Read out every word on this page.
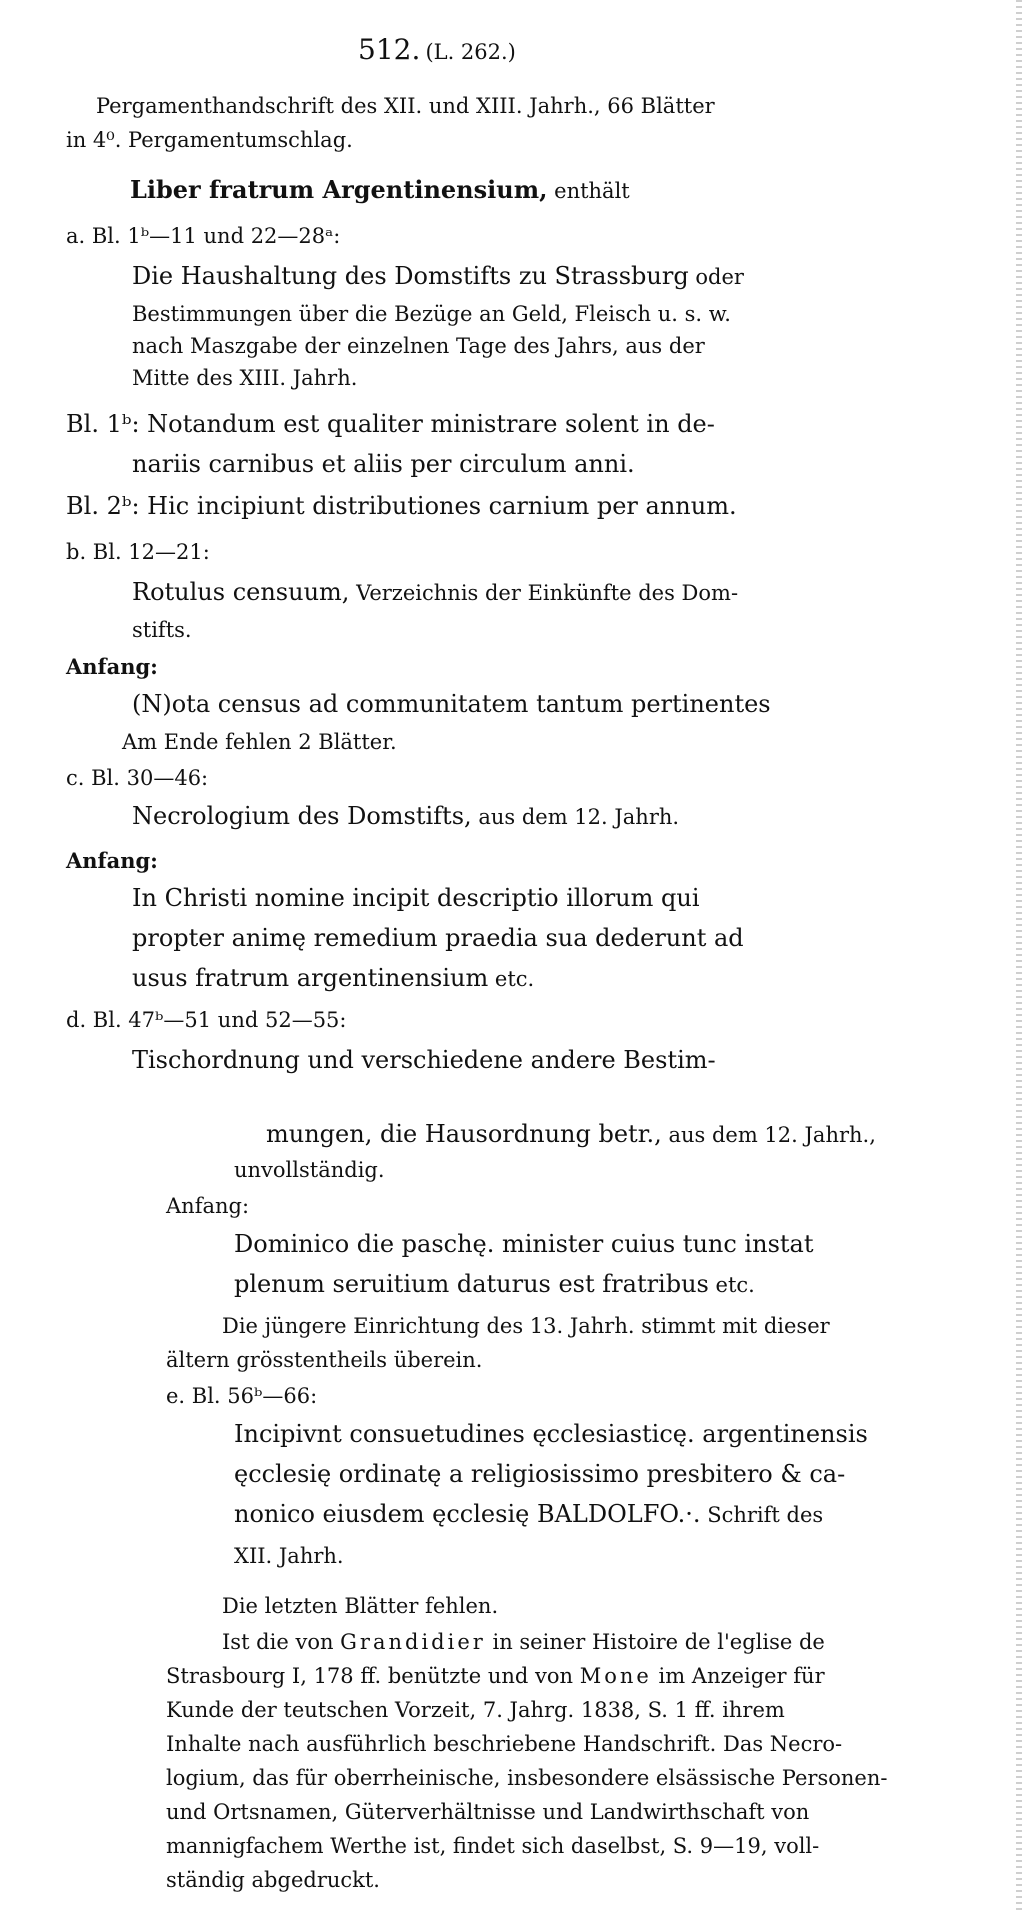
512. (L. 262.)
Pergamenthandschrift des XII. und XIII. Jahrh., 66 Blätter
in 4⁰. Pergamentumschlag.
Liber fratrum Argentinensium, enthält
a. Bl. 1ᵇ—11 und 22—28ᵃ:
Die Haushaltung des Domstifts zu Strassburg oder
Bestimmungen über die Bezüge an Geld, Fleisch u. s. w.
nach Maszgabe der einzelnen Tage des Jahrs, aus der
Mitte des XIII. Jahrh.
Bl. 1ᵇ: Notandum est qualiter ministrare solent in de-
nariis carnibus et aliis per circulum anni.
Bl. 2ᵇ: Hic incipiunt distributiones carnium per annum.
b. Bl. 12—21:
Rotulus censuum, Verzeichnis der Einkünfte des Dom-
stifts.
Anfang:
(N)ota census ad communitatem tantum pertinentes
Am Ende fehlen 2 Blätter.
c. Bl. 30—46:
Necrologium des Domstifts, aus dem 12. Jahrh.
Anfang:
In Christi nomine incipit descriptio illorum qui
propter animę remedium praedia sua dederunt ad
usus fratrum argentinensium etc.
d. Bl. 47ᵇ—51 und 52—55:
Tischordnung und verschiedene andere Bestim-
mungen, die Hausordnung betr., aus dem 12. Jahrh.,
unvollständig.
Anfang:
Dominico die paschę. minister cuius tunc instat
plenum seruitium daturus est fratribus etc.
Die jüngere Einrichtung des 13. Jahrh. stimmt mit dieser
ältern grösstentheils überein.
e. Bl. 56ᵇ—66:
Incipivnt consuetudines ęcclesiasticę. argentinensis
ęcclesię ordinatę a religiosissimo presbitero & ca-
nonico eiusdem ęcclesię BALDOLFO.·. Schrift des
XII. Jahrh.
Die letzten Blätter fehlen.
Ist die von Grandidier in seiner Histoire de l'eglise de
Strasbourg I, 178 ff. benützte und von Mone im Anzeiger für
Kunde der teutschen Vorzeit, 7. Jahrg. 1838, S. 1 ff. ihrem
Inhalte nach ausführlich beschriebene Handschrift. Das Necro-
logium, das für oberrheinische, insbesondere elsässische Personen-
und Ortsnamen, Güterverhältnisse und Landwirthschaft von
mannigfachem Werthe ist, findet sich daselbst, S. 9—19, voll-
ständig abgedruckt.
